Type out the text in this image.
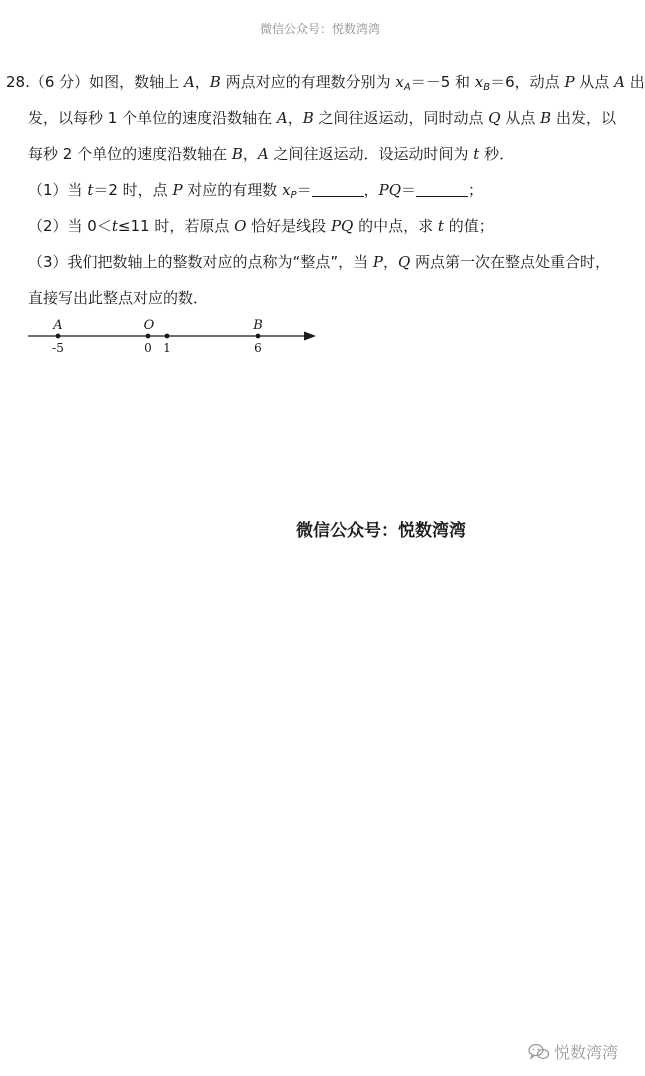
微信公众号：悦数湾湾
28.（6 分）如图，数轴上 A，B 两点对应的有理数分别为 $x_A=-5$ 和 $x_B=6$，动点 P 从点 A 出
发，以每秒 1 个单位的速度沿数轴在 A，B 之间往返运动，同时动点 Q 从点 B 出发，以
每秒 2 个单位的速度沿数轴在 B，A 之间往返运动．设运动时间为 t 秒．
（1）当 t＝2 时，点 P 对应的有理数 $x_P=$	，PQ＝	；
（2）当 0＜t≤11 时，若原点 O 恰好是线段 PQ 的中点，求 t 的值；
（3）我们把数轴上的整数对应的点称为“整点”，当 P，Q 两点第一次在整点处重合时，
直接写出此整点对应的数．
A
-5
O
0 1
B
6
微信公众号：悦数湾湾
悦数湾湾
